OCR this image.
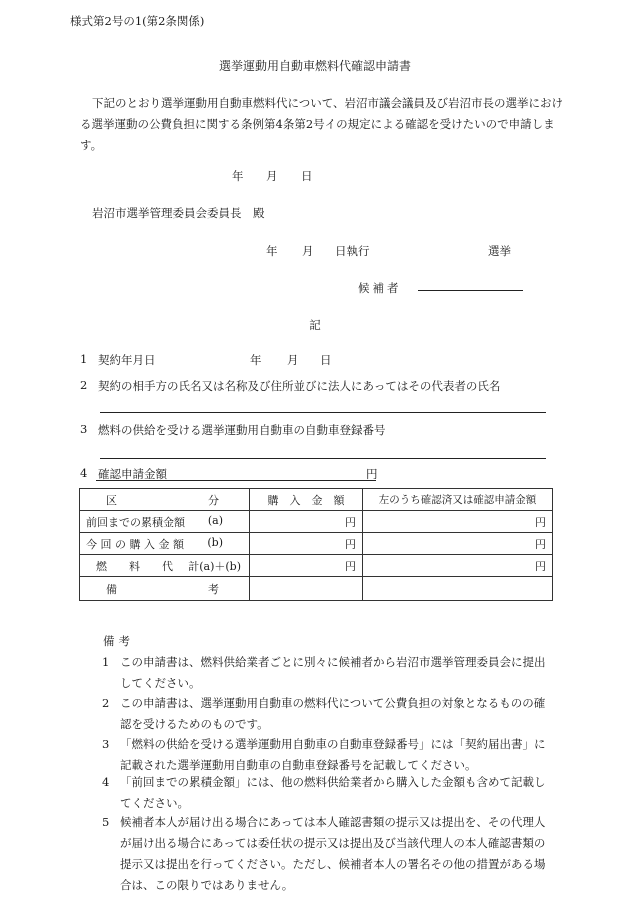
様式第2号の1(第2条関係)
選挙運動用自動車燃料代確認申請書
下記のとおり選挙運動用自動車燃料代について、岩沼市議会議員及び岩沼市長の選挙における選挙運動の公費負担に関する条例第4条第2号イの規定による確認を受けたいので申請します。
年 月 日
岩沼市選挙管理委員会委員長　殿
年 月 日執行	選挙
候補者
記
1 契約年月日	年 月 日
2 契約の相手方の氏名又は名称及び住所並びに法人にあってはその代表者の氏名
3 燃料の供給を受ける選挙運動用自動車の自動車登録番号
4 確認申請金額	円
区 分	購　入　金　額	左のうち確認済又は確認申請金額

前回までの累積金額 (a)	円	円

今 回 の 購 入 金 額 (b)	円	円

燃　　料　　代 計(a)＋(b)	円	円

備 考		

備考
1 この申請書は、燃料供給業者ごとに別々に候補者から岩沼市選挙管理委員会に提出してください。
2 この申請書は、選挙運動用自動車の燃料代について公費負担の対象となるものの確認を受けるためのものです。
3 「燃料の供給を受ける選挙運動用自動車の自動車登録番号」には「契約届出書」に記載された選挙運動用自動車の自動車登録番号を記載してください。
4 「前回までの累積金額」には、他の燃料供給業者から購入した金額も含めて記載してください。
5 候補者本人が届け出る場合にあっては本人確認書類の提示又は提出を、その代理人が届け出る場合にあっては委任状の提示又は提出及び当該代理人の本人確認書類の提示又は提出を行ってください。ただし、候補者本人の署名その他の措置がある場合は、この限りではありません。
